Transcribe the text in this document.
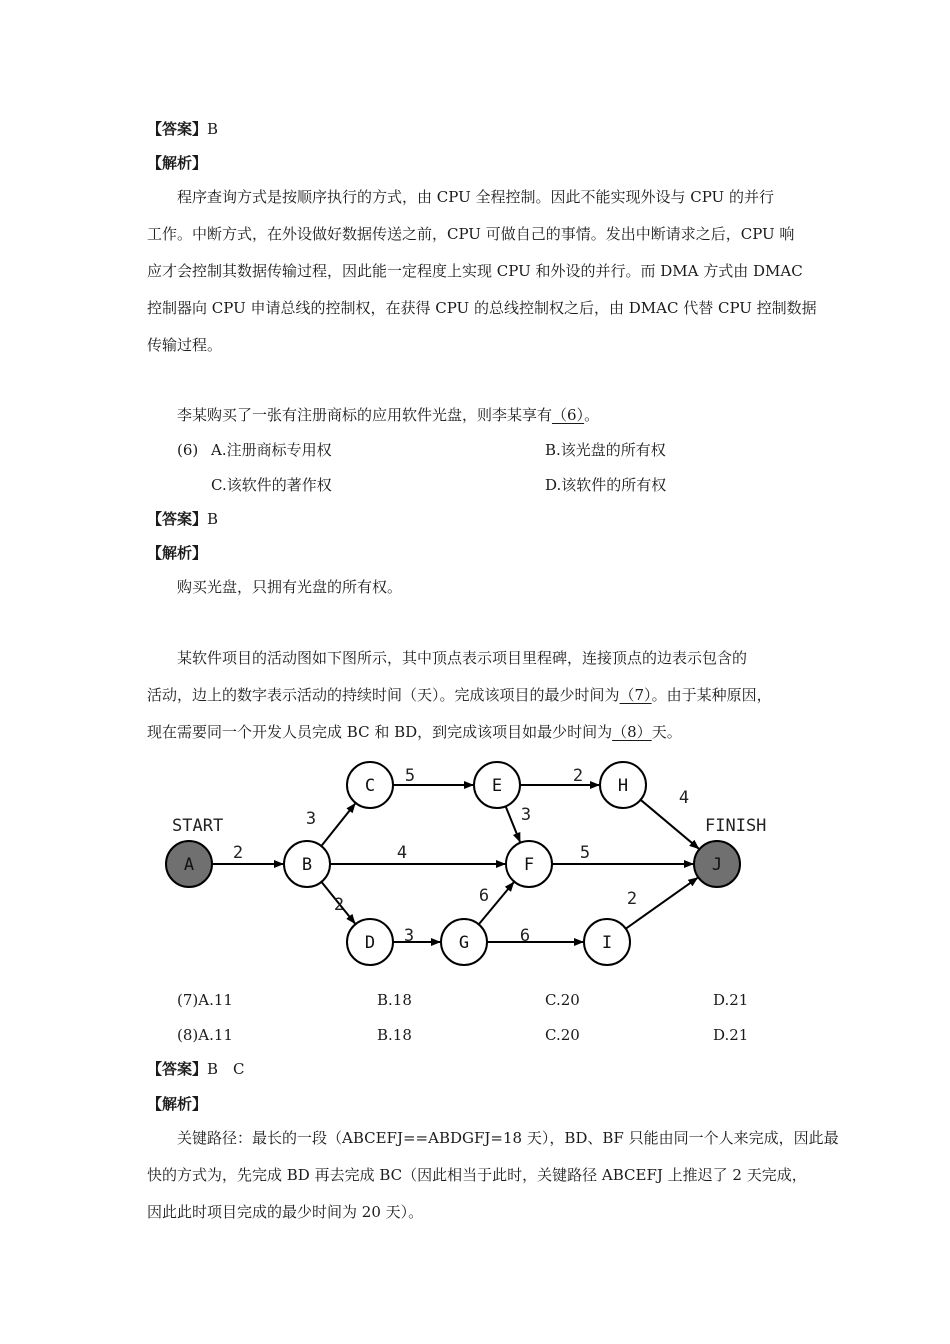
【答案】B
【解析】
程序查询方式是按顺序执行的方式，由 CPU 全程控制。因此不能实现外设与 CPU 的并行
工作。中断方式，在外设做好数据传送之前，CPU 可做自己的事情。发出中断请求之后，CPU 响
应才会控制其数据传输过程，因此能一定程度上实现 CPU 和外设的并行。而 DMA 方式由 DMAC
控制器向 CPU 申请总线的控制权，在获得 CPU 的总线控制权之后，由 DMAC 代替 CPU 控制数据
传输过程。
李某购买了一张有注册商标的应用软件光盘，则李某享有（6）。
(6) A.注册商标专用权	B.该光盘的所有权
C.该软件的著作权	D.该软件的所有权
【答案】B
【解析】
购买光盘，只拥有光盘的所有权。
某软件项目的活动图如下图所示，其中顶点表示项目里程碑，连接顶点的边表示包含的
活动，边上的数字表示活动的持续时间（天）。完成该项目的最少时间为（7）。由于某种原因，
现在需要同一个开发人员完成 BC 和 BD，到完成该项目如最少时间为（8）天。
2
3
4
2
5	2
3
4
5
3
6
6
2
A	B
C
D
E
F
G
H
I
J
START	FINISH
(7)A.11	B.18	C.20	D.21
(8)A.11	B.18	C.20	D.21
【答案】B　C
【解析】
关键路径：最长的一段（ABCEFJ==ABDGFJ=18 天），BD、BF 只能由同一个人来完成，因此最
快的方式为，先完成 BD 再去完成 BC（因此相当于此时，关键路径 ABCEFJ 上推迟了 2 天完成，
因此此时项目完成的最少时间为 20 天）。
